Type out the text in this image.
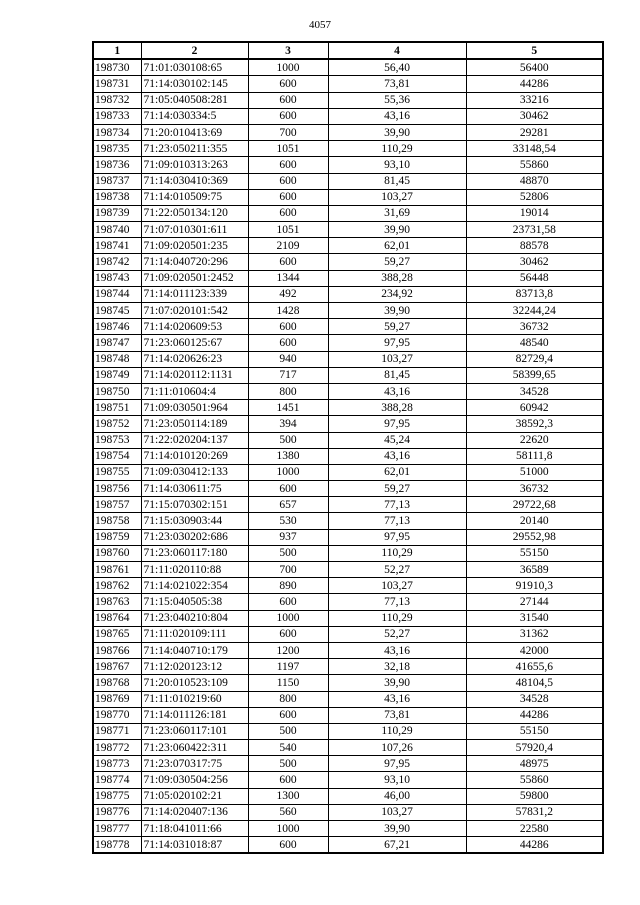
4057
1	2	3	4	5
198730	71:01:030108:65	1000	56,40	56400
198731	71:14:030102:145	600	73,81	44286
198732	71:05:040508:281	600	55,36	33216
198733	71:14:030334:5	600	43,16	30462
198734	71:20:010413:69	700	39,90	29281
198735	71:23:050211:355	1051	110,29	33148,54
198736	71:09:010313:263	600	93,10	55860
198737	71:14:030410:369	600	81,45	48870
198738	71:14:010509:75	600	103,27	52806
198739	71:22:050134:120	600	31,69	19014
198740	71:07:010301:611	1051	39,90	23731,58
198741	71:09:020501:235	2109	62,01	88578
198742	71:14:040720:296	600	59,27	30462
198743	71:09:020501:2452	1344	388,28	56448
198744	71:14:011123:339	492	234,92	83713,8
198745	71:07:020101:542	1428	39,90	32244,24
198746	71:14:020609:53	600	59,27	36732
198747	71:23:060125:67	600	97,95	48540
198748	71:14:020626:23	940	103,27	82729,4
198749	71:14:020112:1131	717	81,45	58399,65
198750	71:11:010604:4	800	43,16	34528
198751	71:09:030501:964	1451	388,28	60942
198752	71:23:050114:189	394	97,95	38592,3
198753	71:22:020204:137	500	45,24	22620
198754	71:14:010120:269	1380	43,16	58111,8
198755	71:09:030412:133	1000	62,01	51000
198756	71:14:030611:75	600	59,27	36732
198757	71:15:070302:151	657	77,13	29722,68
198758	71:15:030903:44	530	77,13	20140
198759	71:23:030202:686	937	97,95	29552,98
198760	71:23:060117:180	500	110,29	55150
198761	71:11:020110:88	700	52,27	36589
198762	71:14:021022:354	890	103,27	91910,3
198763	71:15:040505:38	600	77,13	27144
198764	71:23:040210:804	1000	110,29	31540
198765	71:11:020109:111	600	52,27	31362
198766	71:14:040710:179	1200	43,16	42000
198767	71:12:020123:12	1197	32,18	41655,6
198768	71:20:010523:109	1150	39,90	48104,5
198769	71:11:010219:60	800	43,16	34528
198770	71:14:011126:181	600	73,81	44286
198771	71:23:060117:101	500	110,29	55150
198772	71:23:060422:311	540	107,26	57920,4
198773	71:23:070317:75	500	97,95	48975
198774	71:09:030504:256	600	93,10	55860
198775	71:05:020102:21	1300	46,00	59800
198776	71:14:020407:136	560	103,27	57831,2
198777	71:18:041011:66	1000	39,90	22580
198778	71:14:031018:87	600	67,21	44286
